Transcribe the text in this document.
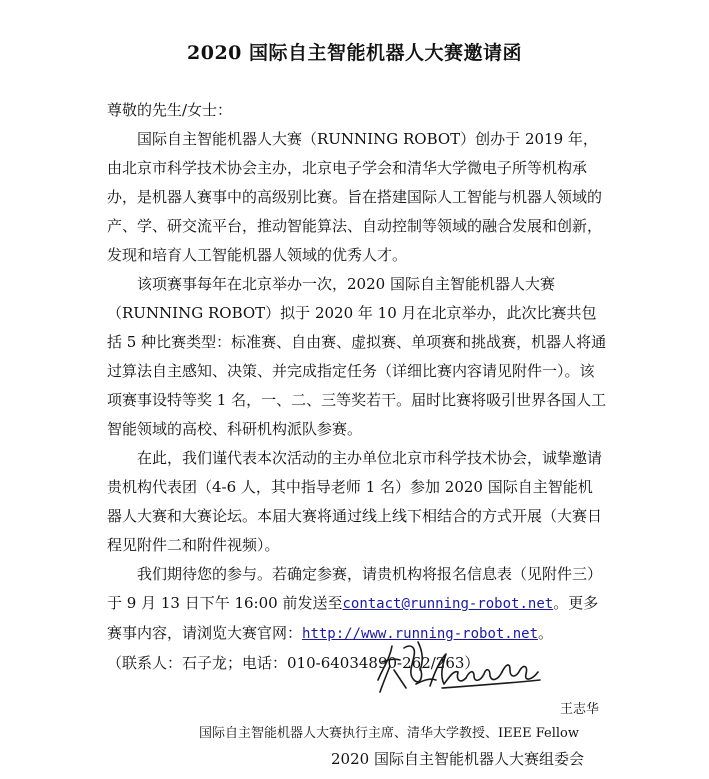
2020 国际自主智能机器人大赛邀请函

尊敬的先生/女士：

国际自主智能机器人大赛（RUNNING ROBOT）创办于 2019 年，由北京市科学技术协会主办，北京电子学会和清华大学微电子所等机构承办，是机器人赛事中的高级别比赛。旨在搭建国际人工智能与机器人领域的产、学、研交流平台，推动智能算法、自动控制等领域的融合发展和创新，发现和培育人工智能机器人领域的优秀人才。

该项赛事每年在北京举办一次，2020 国际自主智能机器人大赛（RUNNING ROBOT）拟于 2020 年 10 月在北京举办，此次比赛共包括 5 种比赛类型：标准赛、自由赛、虚拟赛、单项赛和挑战赛，机器人将通过算法自主感知、决策、并完成指定任务（详细比赛内容请见附件一）。该项赛事设特等奖 1 名，一、二、三等奖若干。届时比赛将吸引世界各国人工智能领域的高校、科研机构派队参赛。

在此，我们谨代表本次活动的主办单位北京市科学技术协会，诚挚邀请贵机构代表团（4-6 人，其中指导老师 1 名）参加 2020 国际自主智能机器人大赛和大赛论坛。本届大赛将通过线上线下相结合的方式开展（大赛日程见附件二和附件视频）。

我们期待您的参与。若确定参赛，请贵机构将报名信息表（见附件三）于 9 月 13 日下午 16:00 前发送至contact@running-robot.net。更多赛事内容，请浏览大赛官网：http://www.running-robot.net。

（联系人：石子龙；电话：010-64034890-262/263）

王志华
国际自主智能机器人大赛执行主席、清华大学教授、IEEE Fellow
2020 国际自主智能机器人大赛组委会
